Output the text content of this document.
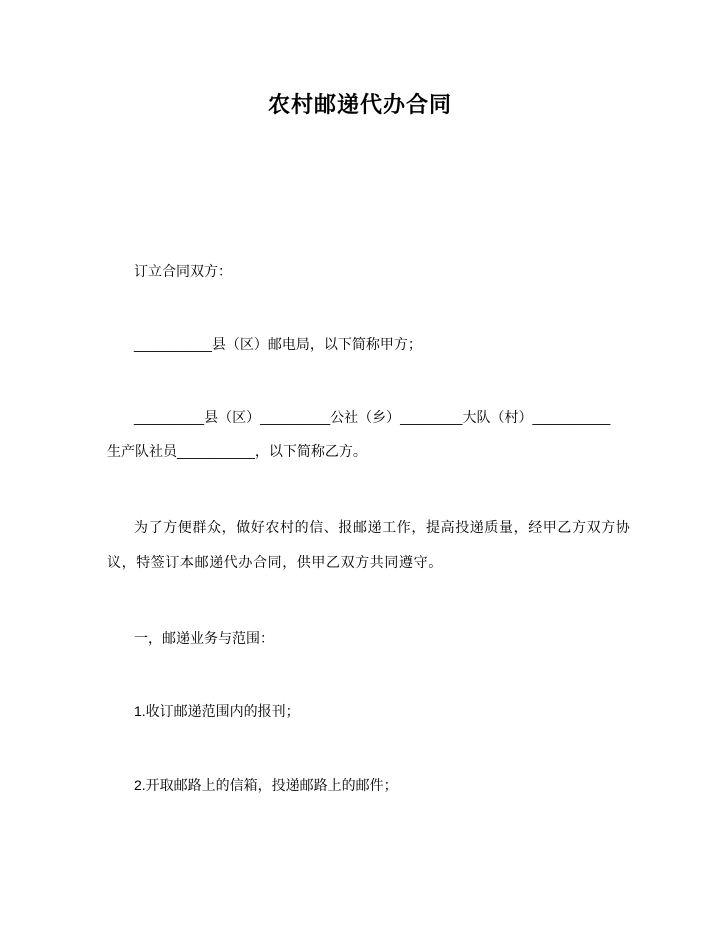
农村邮递代办合同
订立合同双方：
__________县（区）邮电局，以下简称甲方；
_________县（区）_________公社（乡）________大队（村）__________
生产队社员__________，以下简称乙方。
为了方便群众，做好农村的信、报邮递工作，提高投递质量，经甲乙方双方协
议，特签订本邮递代办合同，供甲乙双方共同遵守。
一，邮递业务与范围：
1.收订邮递范围内的报刊；
2.开取邮路上的信箱，投递邮路上的邮件；
